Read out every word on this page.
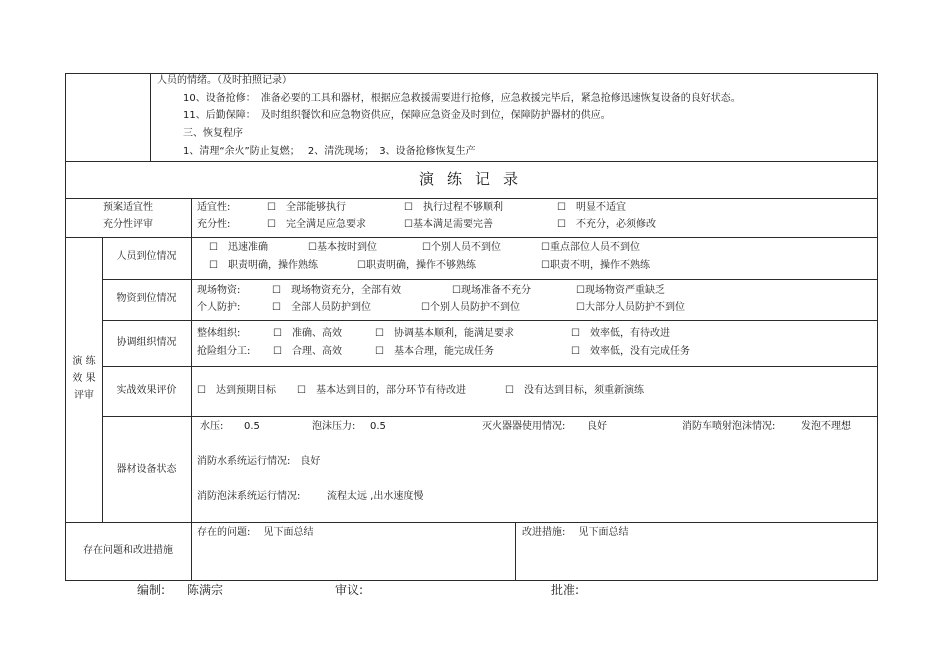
人员的情绪。（及时拍照记录）
10、设备抢修：　准备必要的工具和器材，根据应急救援需要进行抢修，应急救援完毕后，紧急抢修迅速恢复设备的良好状态。
11、后勤保障：　及时组织餐饮和应急物资供应，保障应急资金及时到位，保障防护器材的供应。
三、恢复程序
1、清理“余火”防止复燃；　 2、清洗现场；　3、设备抢修恢复生产
演练记录
预案适宜性
充分性评审
适宜性:	☐　全部能够执行	☐　执行过程不够顺利	☐　明显不适宜
充分性:	☐　完全满足应急要求	☐基本满足需要完善	☐　不充分，必须修改
演 练
效 果
评审
人员到位情况
☐　迅速准确	☐基本按时到位	☐个别人员不到位	☐重点部位人员不到位
☐　职责明确，操作熟练	☐职责明确，操作不够熟练	☐职责不明，操作不熟练
物资到位情况
现场物资:	☐　现场物资充分，全部有效	☐现场准备不充分	☐现场物资严重缺乏
个人防护:	☐　全部人员防护到位	☐个别人员防护不到位	☐大部分人员防护不到位
协调组织情况
整体组织:	☐　准确、高效	☐　协调基本顺利，能满足要求	☐　效率低，有待改进
抢险组分工: ☐　合理、高效	☐　基本合理，能完成任务	☐　效率低，没有完成任务
实战效果评价	☐　达到预期目标 ☐　基本达到目的，部分环节有待改进	☐　没有达到目标，须重新演练
器材设备状态
水压: 0.5	泡沫压力: 0.5	灭火器器使用情况: 良好	消防车喷射泡沫情况:	发泡不理想
消防水系统运行情况:　良好
消防泡沫系统运行情况:	流程太远 ,出水速度慢
存在问题和改进措施
存在的问题:　 见下面总结	改进措施:　 见下面总结
编制: 陈满宗	审议:	批准:
